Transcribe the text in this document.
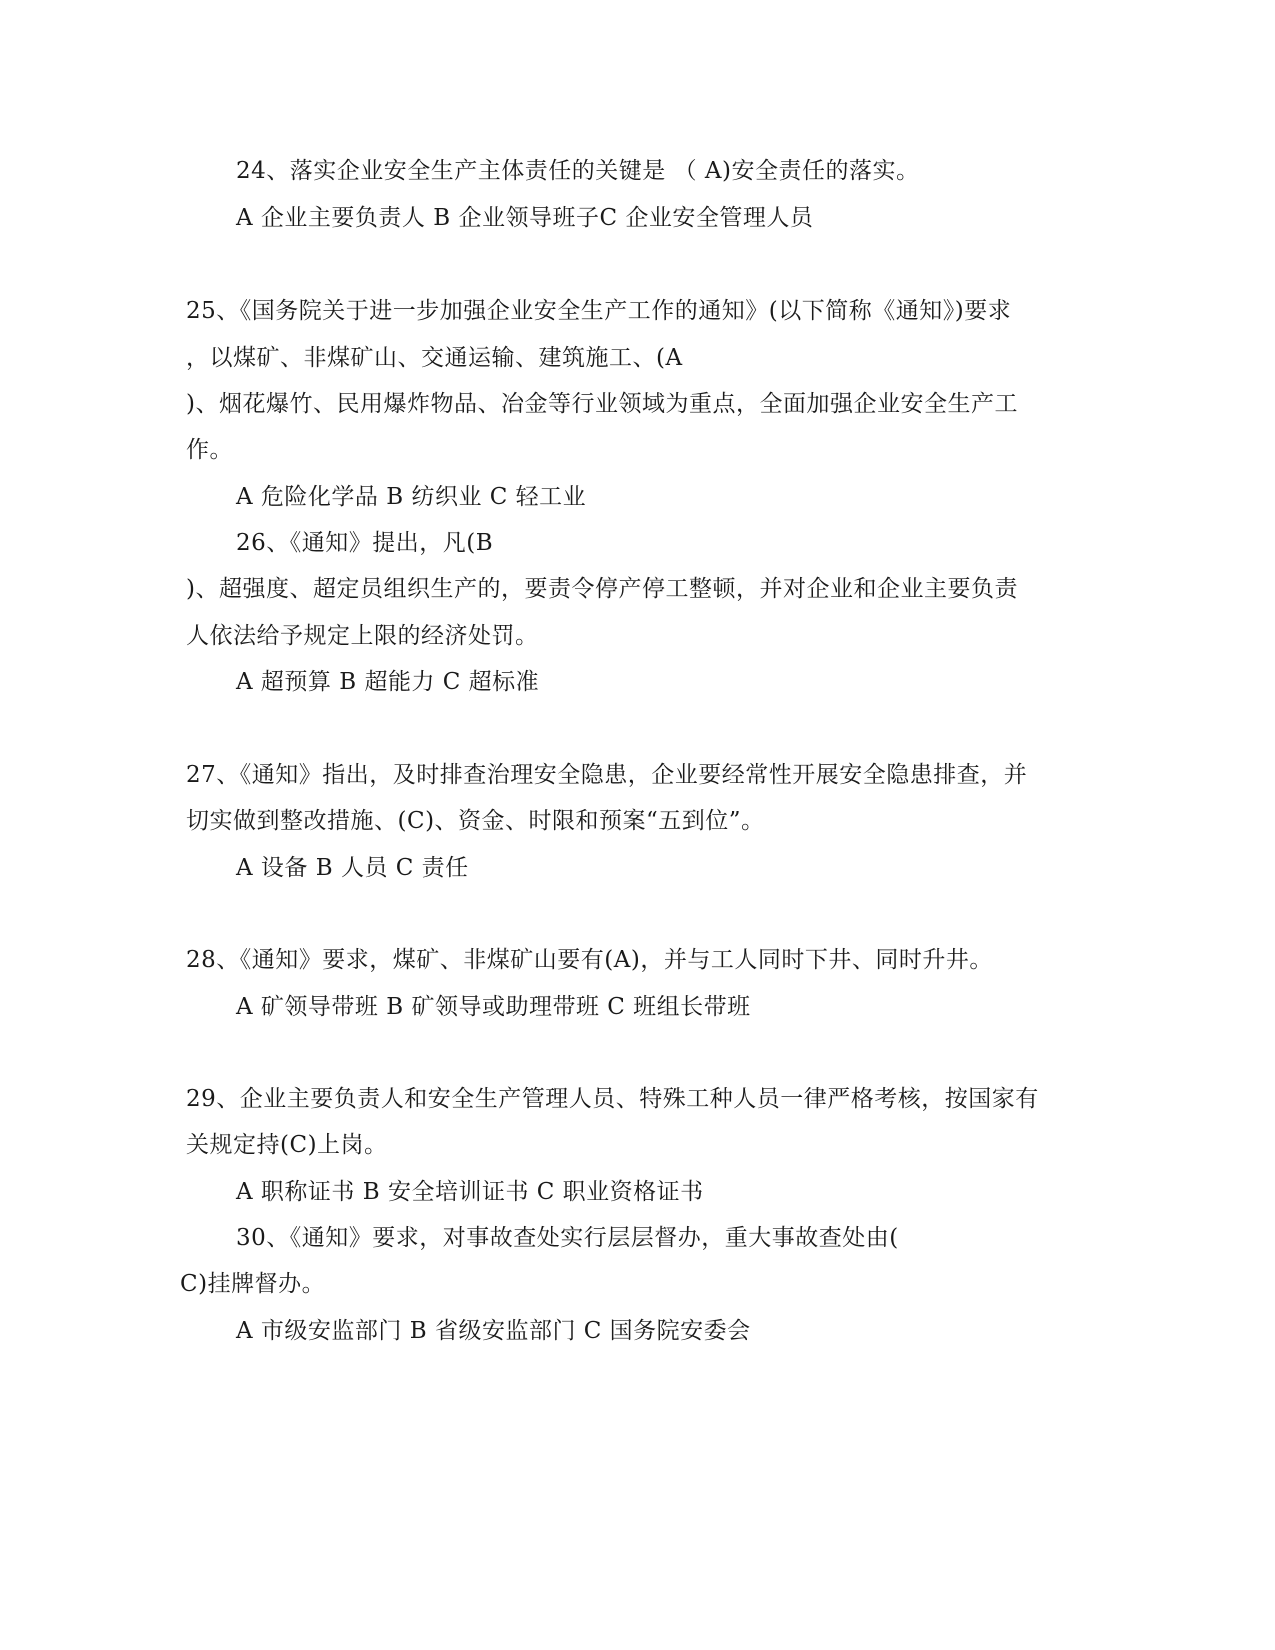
24、落实企业安全生产主体责任的关键是 （ A)安全责任的落实。
A 企业主要负责人 B 企业领导班子C 企业安全管理人员
25、《国务院关于进一步加强企业安全生产工作的通知》(以下简称《通知》)要求
，以煤矿、非煤矿山、交通运输、建筑施工、(A
)、烟花爆竹、民用爆炸物品、冶金等行业领域为重点，全面加强企业安全生产工
作。
A 危险化学品 B 纺织业 C 轻工业
26、《通知》提出，凡(B
)、超强度、超定员组织生产的，要责令停产停工整顿，并对企业和企业主要负责
人依法给予规定上限的经济处罚。
A 超预算 B 超能力 C 超标准
27、《通知》指出，及时排查治理安全隐患，企业要经常性开展安全隐患排查，并
切实做到整改措施、(C)、资金、时限和预案“五到位”。
A 设备 B 人员 C 责任
28、《通知》要求，煤矿、非煤矿山要有(A)，并与工人同时下井、同时升井。
A 矿领导带班 B 矿领导或助理带班 C 班组长带班
29、企业主要负责人和安全生产管理人员、特殊工种人员一律严格考核，按国家有
关规定持(C)上岗。
A 职称证书 B 安全培训证书 C 职业资格证书
30、《通知》要求，对事故查处实行层层督办，重大事故查处由(
C)挂牌督办。
A 市级安监部门 B 省级安监部门 C 国务院安委会
